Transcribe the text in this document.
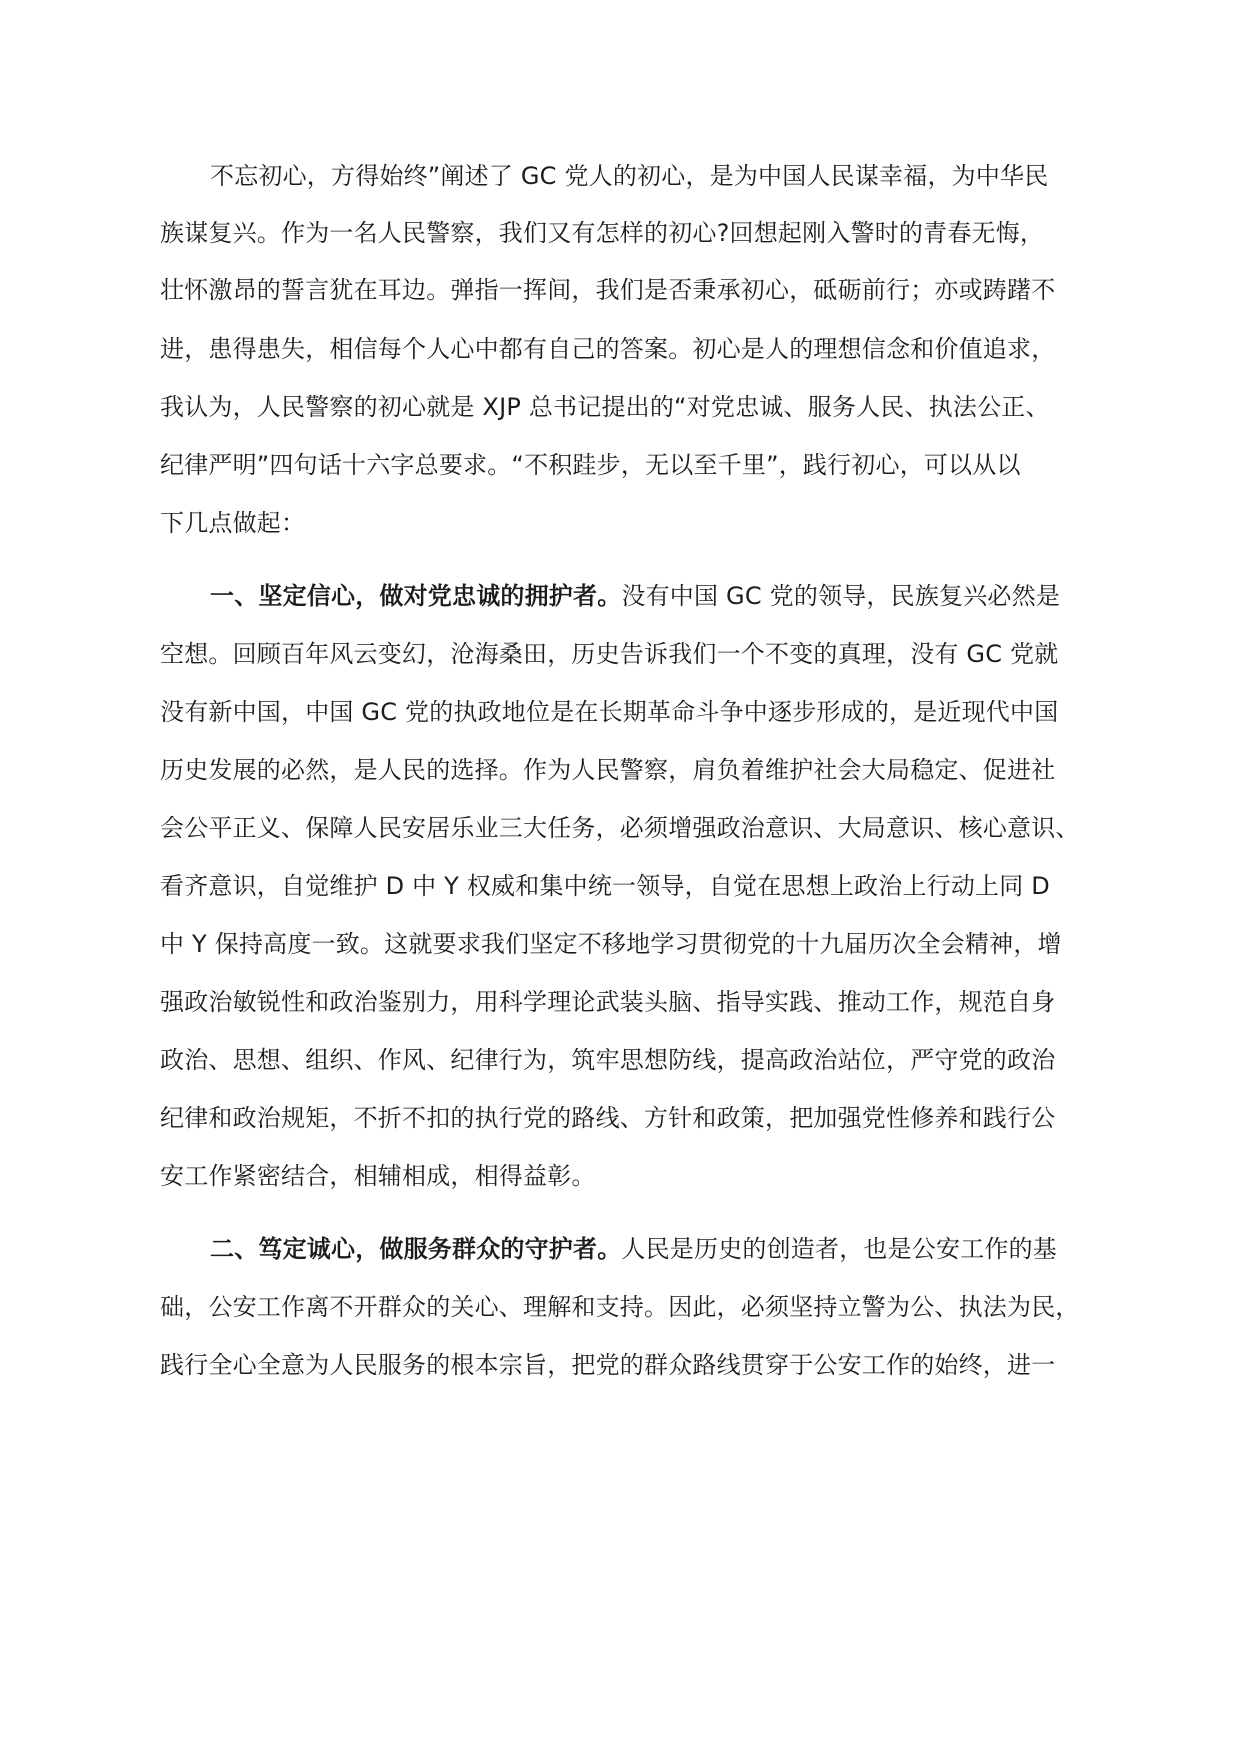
不忘初心，方得始终”阐述了 GC 党人的初心，是为中国人民谋幸福，为中华民
族谋复兴。作为一名人民警察，我们又有怎样的初心?回想起刚入警时的青春无悔，
壮怀激昂的誓言犹在耳边。弹指一挥间，我们是否秉承初心，砥砺前行；亦或踌躇不
进，患得患失，相信每个人心中都有自己的答案。初心是人的理想信念和价值追求，
我认为，人民警察的初心就是 XJP 总书记提出的“对党忠诚、服务人民、执法公正、
纪律严明”四句话十六字总要求。“不积跬步，无以至千里”，践行初心，可以从以
下几点做起：
一、坚定信心，做对党忠诚的拥护者。没有中国 GC 党的领导，民族复兴必然是
空想。回顾百年风云变幻，沧海桑田，历史告诉我们一个不变的真理，没有 GC 党就
没有新中国，中国 GC 党的执政地位是在长期革命斗争中逐步形成的，是近现代中国
历史发展的必然，是人民的选择。作为人民警察，肩负着维护社会大局稳定、促进社
会公平正义、保障人民安居乐业三大任务，必须增强政治意识、大局意识、核心意识、
看齐意识，自觉维护 D 中 Y 权威和集中统一领导，自觉在思想上政治上行动上同 D
中 Y 保持高度一致。这就要求我们坚定不移地学习贯彻党的十九届历次全会精神，增
强政治敏锐性和政治鉴别力，用科学理论武装头脑、指导实践、推动工作，规范自身
政治、思想、组织、作风、纪律行为，筑牢思想防线，提高政治站位，严守党的政治
纪律和政治规矩，不折不扣的执行党的路线、方针和政策，把加强党性修养和践行公
安工作紧密结合，相辅相成，相得益彰。
二、笃定诚心，做服务群众的守护者。人民是历史的创造者，也是公安工作的基
础，公安工作离不开群众的关心、理解和支持。因此，必须坚持立警为公、执法为民，
践行全心全意为人民服务的根本宗旨，把党的群众路线贯穿于公安工作的始终，进一
